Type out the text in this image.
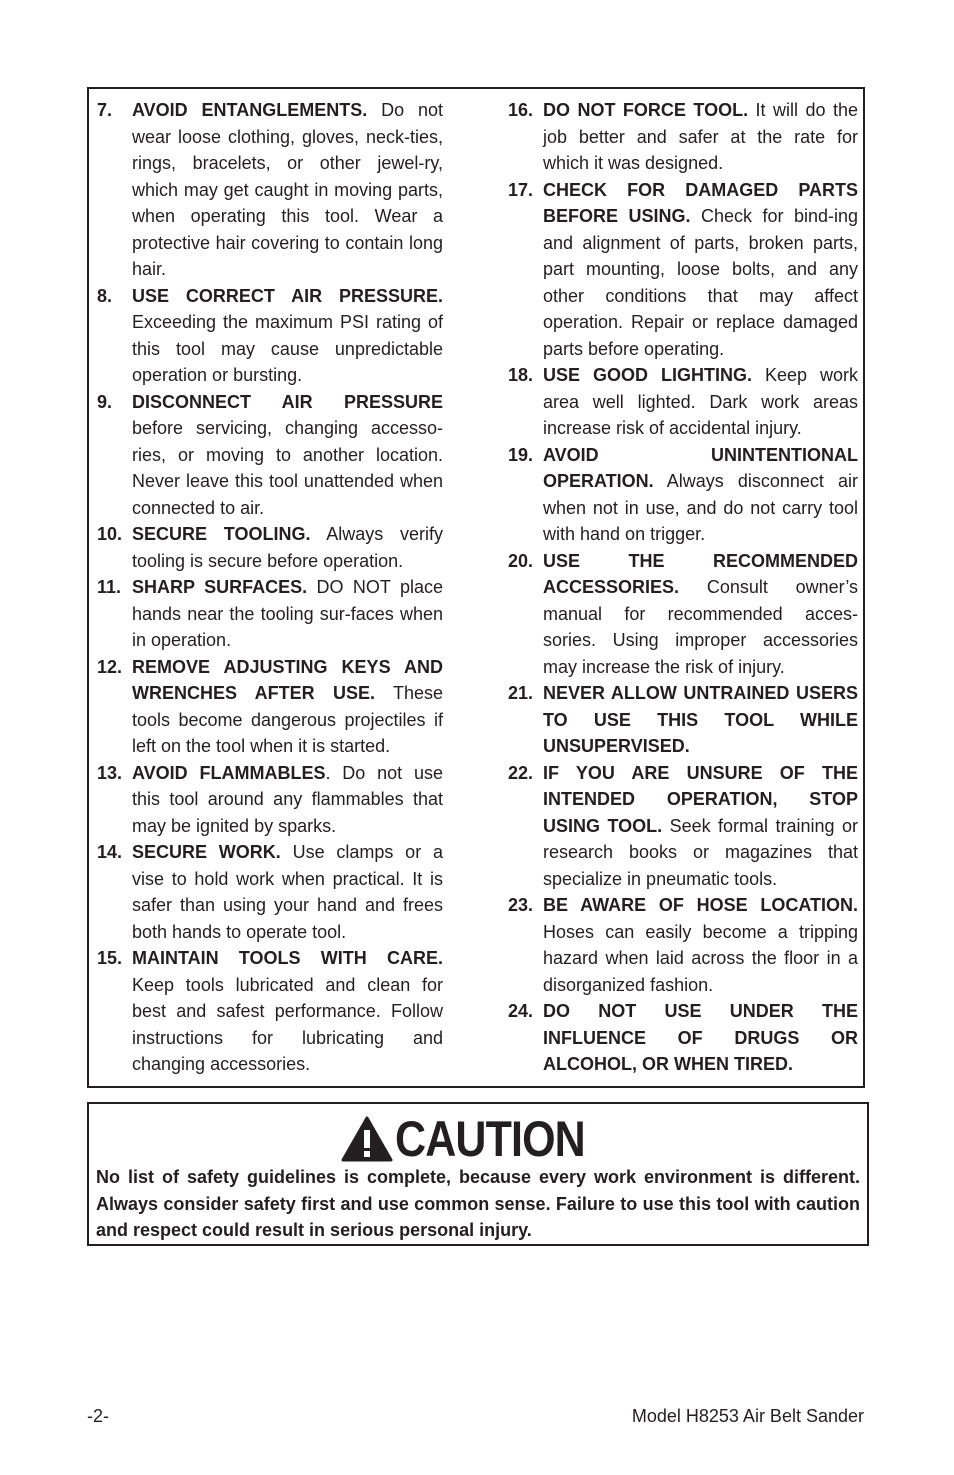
7. AVOID ENTANGLEMENTS. Do not wear loose clothing, gloves, neck-ties, rings, bracelets, or other jewel-ry, which may get caught in moving parts, when operating this tool. Wear a protective hair covering to contain long hair.
8. USE CORRECT AIR PRESSURE. Exceeding the maximum PSI rating of this tool may cause unpredictable operation or bursting.
9. DISCONNECT AIR PRESSURE before servicing, changing accesso-ries, or moving to another location. Never leave this tool unattended when connected to air.
10. SECURE TOOLING. Always verify tooling is secure before operation.
11. SHARP SURFACES. DO NOT place hands near the tooling sur-faces when in operation.
12. REMOVE ADJUSTING KEYS AND WRENCHES AFTER USE. These tools become dangerous projectiles if left on the tool when it is started.
13. AVOID FLAMMABLES. Do not use this tool around any flammables that may be ignited by sparks.
14. SECURE WORK. Use clamps or a vise to hold work when practical. It is safer than using your hand and frees both hands to operate tool.
15. MAINTAIN TOOLS WITH CARE. Keep tools lubricated and clean for best and safest performance. Follow instructions for lubricating and changing accessories.
16. DO NOT FORCE TOOL. It will do the job better and safer at the rate for which it was designed.
17. CHECK FOR DAMAGED PARTS BEFORE USING. Check for bind-ing and alignment of parts, broken parts, part mounting, loose bolts, and any other conditions that may affect operation. Repair or replace damaged parts before operating.
18. USE GOOD LIGHTING. Keep work area well lighted. Dark work areas increase risk of accidental injury.
19. AVOID UNINTENTIONAL OPERATION. Always disconnect air when not in use, and do not carry tool with hand on trigger.
20. USE THE RECOMMENDED ACCESSORIES. Consult owner’s manual for recommended acces-sories. Using improper accessories may increase the risk of injury.
21. NEVER ALLOW UNTRAINED USERS TO USE THIS TOOL WHILE UNSUPERVISED.
22. IF YOU ARE UNSURE OF THE INTENDED OPERATION, STOP USING TOOL. Seek formal training or research books or magazines that specialize in pneumatic tools.
23. BE AWARE OF HOSE LOCATION. Hoses can easily become a tripping hazard when laid across the floor in a disorganized fashion.
24. DO NOT USE UNDER THE INFLUENCE OF DRUGS OR ALCOHOL, OR WHEN TIRED.
CAUTION
No list of safety guidelines is complete, because every work environment is different. Always consider safety first and use common sense. Failure to use this tool with caution and respect could result in serious personal injury.
-2-	Model H8253 Air Belt Sander
